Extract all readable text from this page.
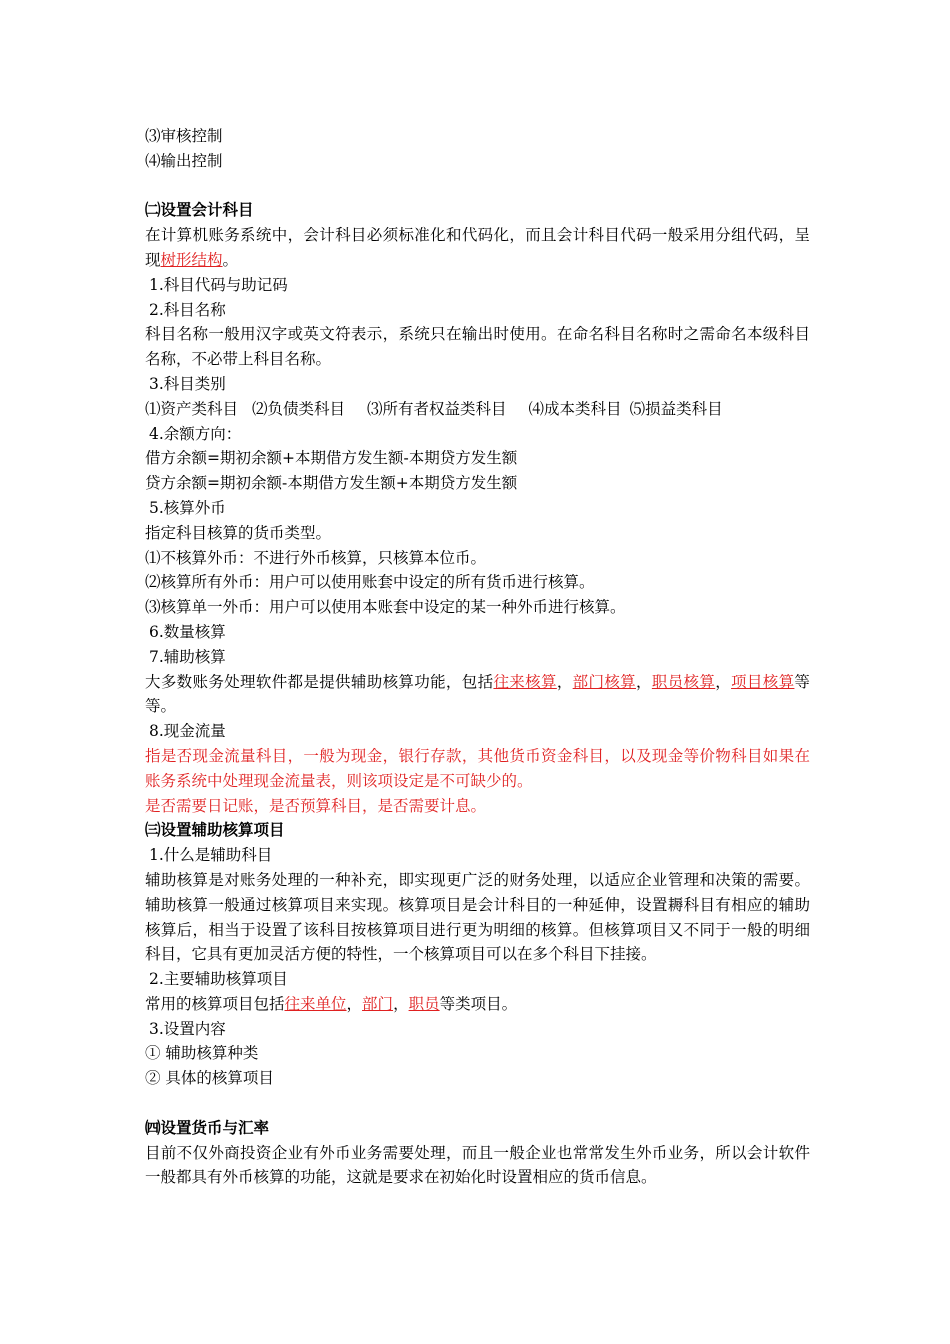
⑶审核控制
⑷输出控制
㈡设置会计科目
在计算机账务系统中，会计科目必须标准化和代码化，而且会计科目代码一般采用分组代码，呈现树形结构。
1.科目代码与助记码
2.科目名称
科目名称一般用汉字或英文符表示，系统只在输出时使用。在命名科目名称时之需命名本级科目名称，不必带上科目名称。
3.科目类别
⑴资产类科目 ⑵负债类科目 ⑶所有者权益类科目 ⑷成本类科目 ⑸损益类科目
4.余额方向：
借方余额=期初余额+本期借方发生额-本期贷方发生额
贷方余额=期初余额-本期借方发生额+本期贷方发生额
5.核算外币
指定科目核算的货币类型。
⑴不核算外币：不进行外币核算，只核算本位币。
⑵核算所有外币：用户可以使用账套中设定的所有货币进行核算。
⑶核算单一外币：用户可以使用本账套中设定的某一种外币进行核算。
6.数量核算
7.辅助核算
大多数账务处理软件都是提供辅助核算功能，包括往来核算，部门核算，职员核算，项目核算等等。
8.现金流量
指是否现金流量科目，一般为现金，银行存款，其他货币资金科目，以及现金等价物科目如果在账务系统中处理现金流量表，则该项设定是不可缺少的。
是否需要日记账，是否预算科目，是否需要计息。
㈢设置辅助核算项目
1.什么是辅助科目
辅助核算是对账务处理的一种补充，即实现更广泛的财务处理，以适应企业管理和决策的需要。辅助核算一般通过核算项目来实现。核算项目是会计科目的一种延伸，设置耨科目有相应的辅助核算后，相当于设置了该科目按核算项目进行更为明细的核算。但核算项目又不同于一般的明细科目，它具有更加灵活方便的特性，一个核算项目可以在多个科目下挂接。
2.主要辅助核算项目
常用的核算项目包括往来单位，部门，职员等类项目。
3.设置内容
① 辅助核算种类
② 具体的核算项目
㈣设置货币与汇率
目前不仅外商投资企业有外币业务需要处理，而且一般企业也常常发生外币业务，所以会计软件一般都具有外币核算的功能，这就是要求在初始化时设置相应的货币信息。
